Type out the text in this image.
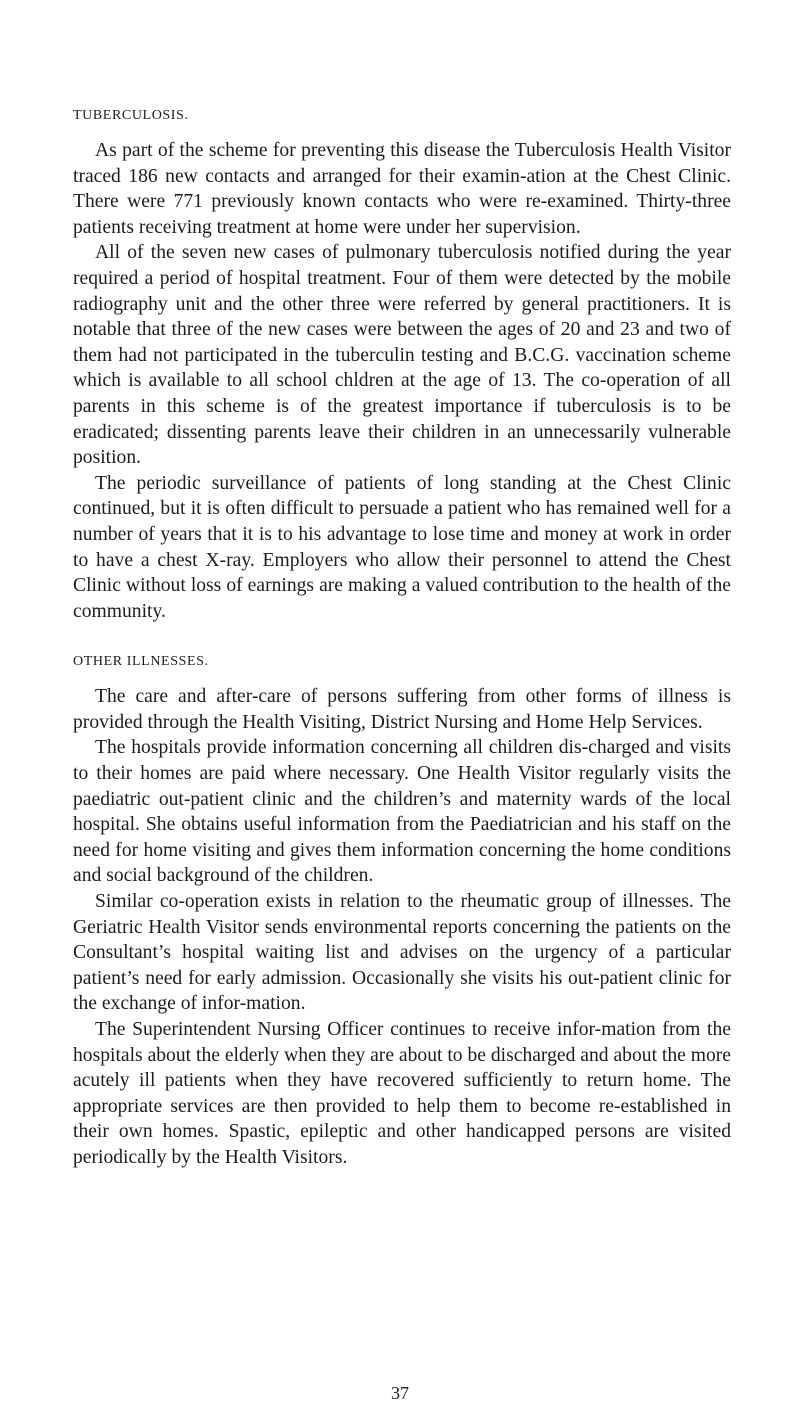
TUBERCULOSIS.

As part of the scheme for preventing this disease the Tuberculosis Health Visitor traced 186 new contacts and arranged for their examin-ation at the Chest Clinic. There were 771 previously known contacts who were re-examined. Thirty-three patients receiving treatment at home were under her supervision.

All of the seven new cases of pulmonary tuberculosis notified during the year required a period of hospital treatment. Four of them were detected by the mobile radiography unit and the other three were referred by general practitioners. It is notable that three of the new cases were between the ages of 20 and 23 and two of them had not participated in the tuberculin testing and B.C.G. vaccination scheme which is available to all school chldren at the age of 13. The co-operation of all parents in this scheme is of the greatest importance if tuberculosis is to be eradicated; dissenting parents leave their children in an unnecessarily vulnerable position.

The periodic surveillance of patients of long standing at the Chest Clinic continued, but it is often difficult to persuade a patient who has remained well for a number of years that it is to his advantage to lose time and money at work in order to have a chest X-ray. Employers who allow their personnel to attend the Chest Clinic without loss of earnings are making a valued contribution to the health of the community.

OTHER ILLNESSES.

The care and after-care of persons suffering from other forms of illness is provided through the Health Visiting, District Nursing and Home Help Services.

The hospitals provide information concerning all children dis-charged and visits to their homes are paid where necessary. One Health Visitor regularly visits the paediatric out-patient clinic and the children’s and maternity wards of the local hospital. She obtains useful information from the Paediatrician and his staff on the need for home visiting and gives them information concerning the home conditions and social background of the children.

Similar co-operation exists in relation to the rheumatic group of illnesses. The Geriatric Health Visitor sends environmental reports concerning the patients on the Consultant’s hospital waiting list and advises on the urgency of a particular patient’s need for early admission. Occasionally she visits his out-patient clinic for the exchange of infor-mation.

The Superintendent Nursing Officer continues to receive infor-mation from the hospitals about the elderly when they are about to be discharged and about the more acutely ill patients when they have recovered sufficiently to return home. The appropriate services are then provided to help them to become re-established in their own homes. Spastic, epileptic and other handicapped persons are visited periodically by the Health Visitors.

37
